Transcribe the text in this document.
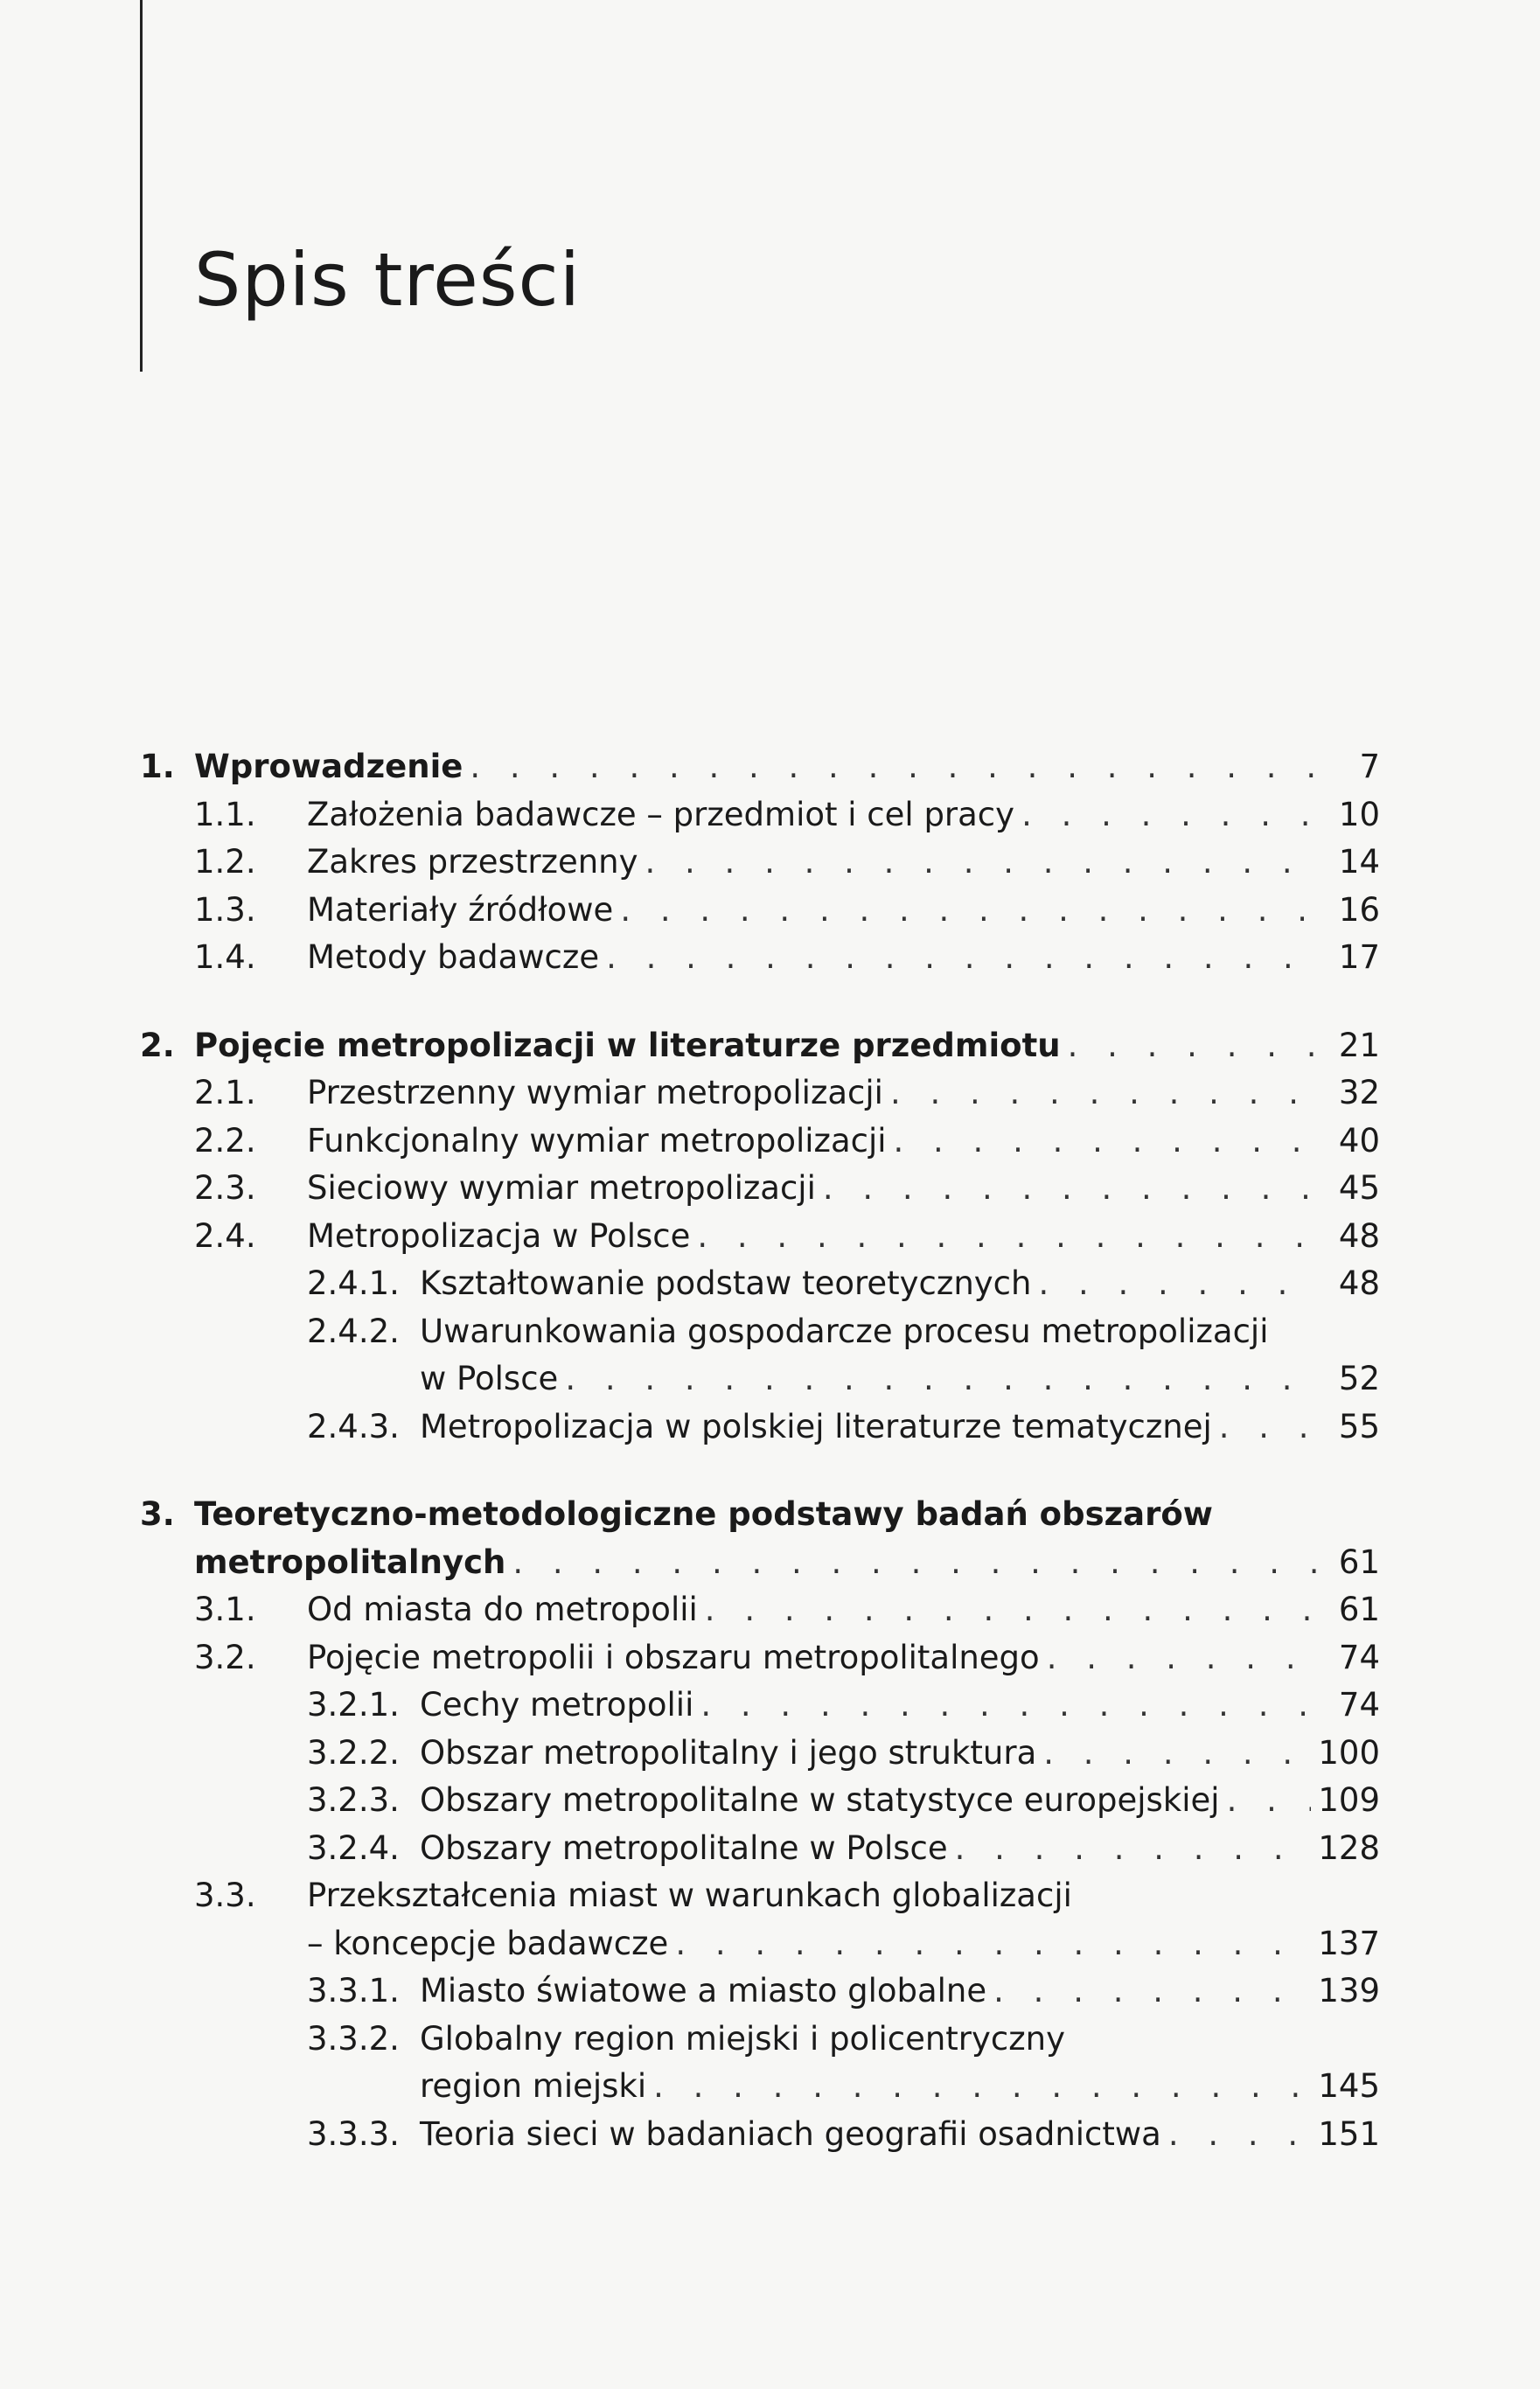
Spis treści
1. Wprowadzenie . . .	7
1.1.	Założenia badawcze – przedmiot i cel pracy . . .	10
1.2.	Zakres przestrzenny . . .	14
1.3.	Materiały źródłowe . . .	16
1.4.	Metody badawcze . . .	17
2. Pojęcie metropolizacji w literaturze przedmiotu . . .	21
2.1.	Przestrzenny wymiar metropolizacji . . .	32
2.2.	Funkcjonalny wymiar metropolizacji . . .	40
2.3.	Sieciowy wymiar metropolizacji . . .	45
2.4.	Metropolizacja w Polsce . . .	48
2.4.1. Kształtowanie podstaw teoretycznych . . .	48
2.4.2. Uwarunkowania gospodarcze procesu metropolizacji
w Polsce . . .	52
2.4.3. Metropolizacja w polskiej literaturze tematycznej . . .	55
3. Teoretyczno-metodologiczne podstawy badań obszarów
metropolitalnych . . .	61
3.1.	Od miasta do metropolii . . .	61
3.2.	Pojęcie metropolii i obszaru metropolitalnego . . .	74
3.2.1. Cechy metropolii . . .	74
3.2.2. Obszar metropolitalny i jego struktura . . .	100
3.2.3. Obszary metropolitalne w statystyce europejskiej . . .	109
3.2.4. Obszary metropolitalne w Polsce . . .	128
3.3.	Przekształcenia miast w warunkach globalizacji
– koncepcje badawcze . . .	137
3.3.1. Miasto światowe a miasto globalne . . .	139
3.3.2. Globalny region miejski i policentryczny
region miejski . . .	145
3.3.3. Teoria sieci w badaniach geografii osadnictwa . . .	151
